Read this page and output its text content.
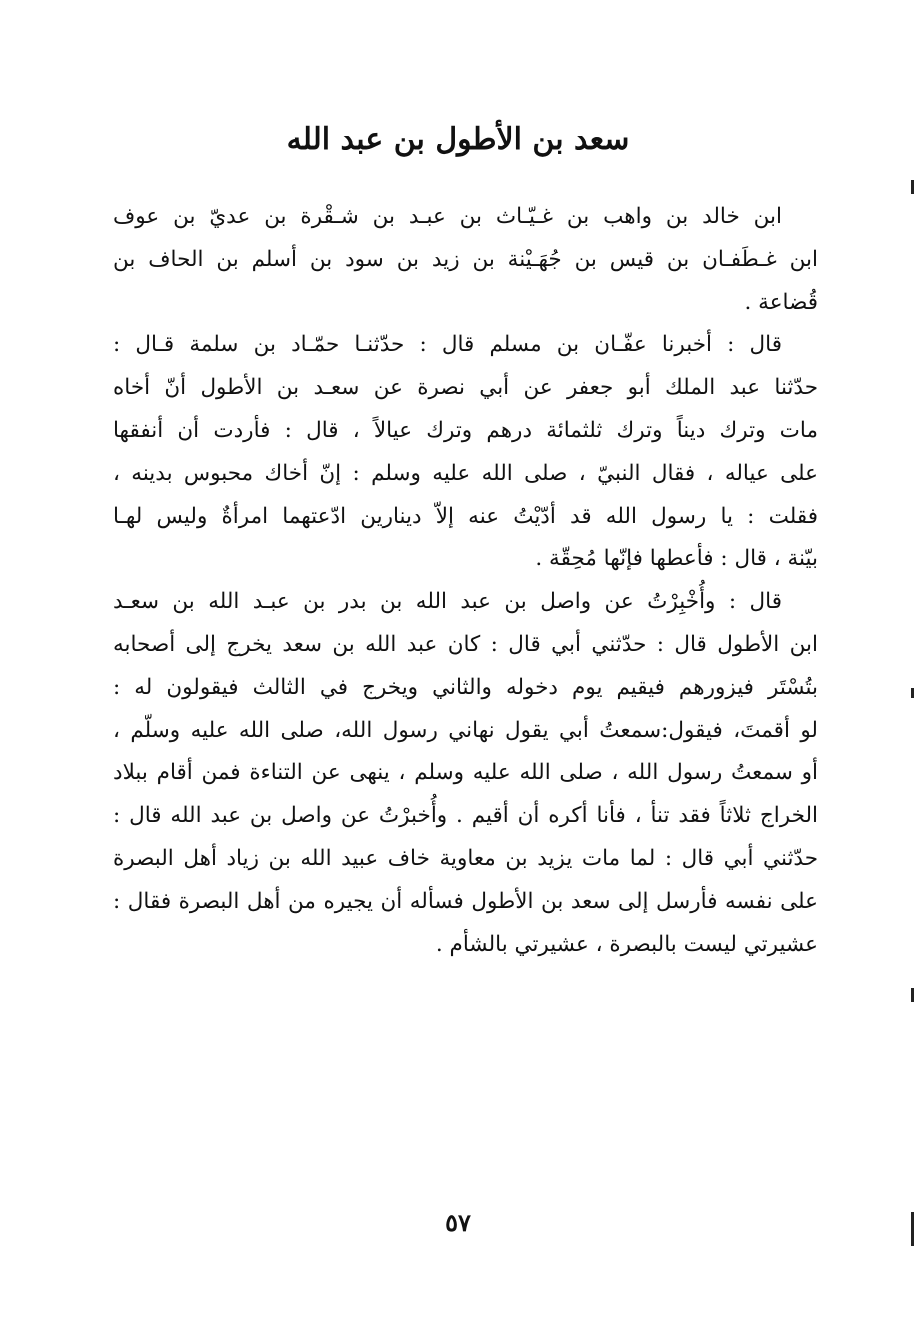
سعد بن الأطول بن عبد الله
ابن خالد بن واهب بن غـيّـاث بن عبـد بن شـقْرة بن عديّ بن عوف
ابن غـطَفـان بن قيس بن جُهَـيْنة بن زيد بن سود بن أسلم بن الحاف بن
قُضاعة .
قال : أخبرنا عفّـان بن مسلم قال : حدّثنـا حمّـاد بن سلمة قـال :
حدّثنا عبد الملك أبو جعفر عن أبي نصرة عن سعـد بن الأطول أنّ أخاه
مات وترك ديناً وترك ثلثمائة درهم وترك عيالاً ، قال : فأردت أن أنفقها
على عياله ، فقال النبيّ ، صلى الله عليه وسلم : إنّ أخاك محبوس بدينه ،
فقلت : يا رسول الله قد أدّيْتُ عنه إلاّ دينارين ادّعتهما امرأةٌ وليس لهـا
بيّنة ، قال : فأعطها فإنّها مُحِقّة .
قال : وأُخْبِرْتُ عن واصل بن عبد الله بن بدر بن عبـد الله بن سعـد
ابن الأطول قال : حدّثني أبي قال : كان عبد الله بن سعد يخرج إلى أصحابه
بتُسْتَر فيزورهم فيقيم يوم دخوله والثاني ويخرج في الثالث فيقولون له :
لو أقمتَ، فيقول:سمعتُ أبي يقول نهاني رسول الله، صلى الله عليه وسلّم ،
أو سمعتُ رسول الله ، صلى الله عليه وسلم ، ينهى عن التناءة فمن أقام ببلاد
الخراج ثلاثاً فقد تنأ ، فأنا أكره أن أقيم . وأُخبرْتُ عن واصل بن عبد الله قال :
حدّثني أبي قال : لما مات يزيد بن معاوية خاف عبيد الله بن زياد أهل البصرة
على نفسه فأرسل إلى سعد بن الأطول فسأله أن يجيره من أهل البصرة فقال :
عشيرتي ليست بالبصرة ، عشيرتي بالشأم .
٥٧
